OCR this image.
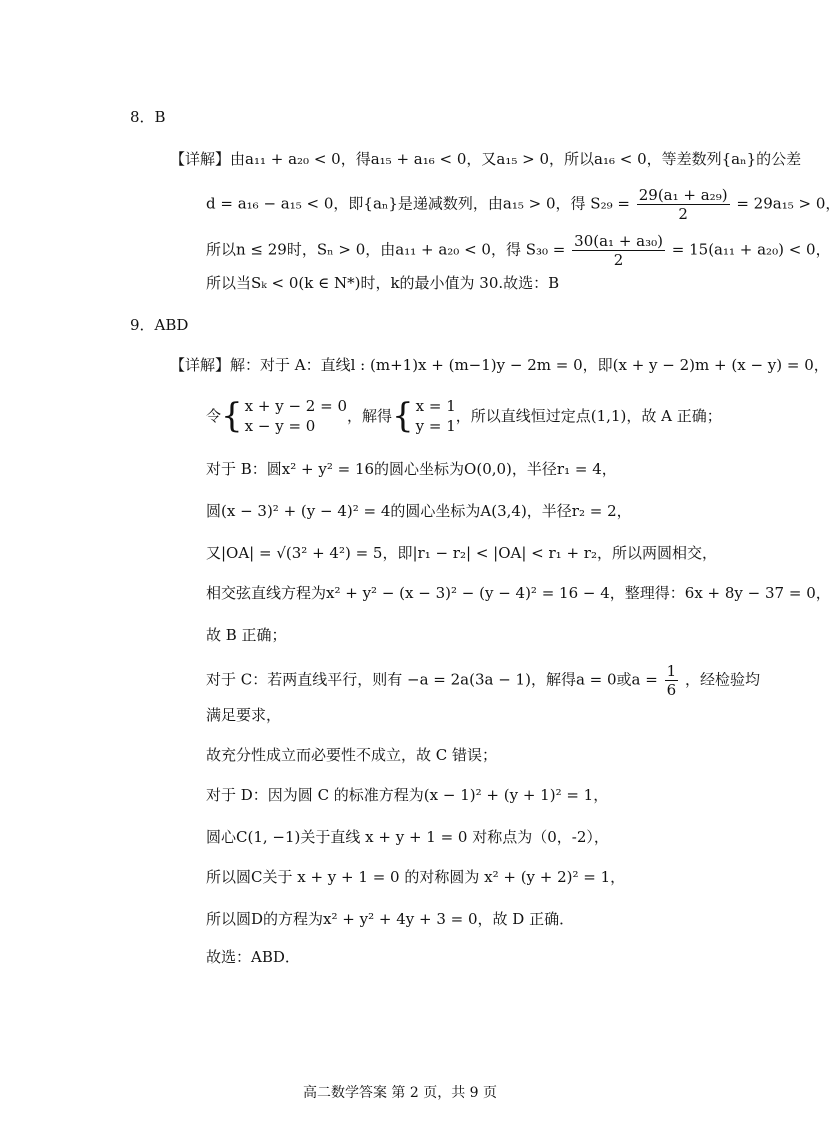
8．B
【详解】由a₁₁ + a₂₀ < 0，得a₁₅ + a₁₆ < 0，又a₁₅ > 0，所以a₁₆ < 0，等差数列{aₙ}的公差
d = a₁₆ − a₁₅ < 0，即{aₙ}是递减数列，由a₁₅ > 0，得 $S_{29} = \frac{\text{29(a₁ + a₂₉)}}{2} = 29a_{15} > 0$，
所以n ≤ 29时，Sₙ > 0，由a₁₁ + a₂₀ < 0，得 $S_{30} = \frac{\text{30(a₁ + a₃₀)}}{2} = 15(a_{11} + a_{20}) < 0$，
所以当Sₖ < 0(k ∈ N*)时，k的最小值为 30.故选：B
9．ABD
【详解】解：对于 A：直线l : (m+1)x + (m−1)y − 2m = 0，即(x + y − 2)m + (x − y) = 0，
令{ x + y − 2 = 0
x − y = 0
，解得{ x = 1
y = 1
，所以直线恒过定点(1,1)，故 A 正确；
对于 B：圆x² + y² = 16的圆心坐标为O(0,0)，半径r₁ = 4，
圆(x − 3)² + (y − 4)² = 4的圆心坐标为A(3,4)，半径r₂ = 2，
又|OA| = √(3² + 4²) = 5，即|r₁ − r₂| < |OA| < r₁ + r₂，所以两圆相交，
相交弦直线方程为x² + y² − (x − 3)² − (y − 4)² = 16 − 4，整理得：6x + 8y − 37 = 0，
故 B 正确；
对于 C：若两直线平行，则有 −a = 2a(3a − 1)，解得a = 0或$a = \frac{1}{6}$ ，经检验均
满足要求，
故充分性成立而必要性不成立，故 C 错误；
对于 D：因为圆 C 的标准方程为(x − 1)² + (y + 1)² = 1，
圆心C(1, −1)关于直线 x + y + 1 = 0 对称点为（0，-2），
所以圆C关于 x + y + 1 = 0 的对称圆为 x² + (y + 2)² = 1，
所以圆D的方程为x² + y² + 4y + 3 = 0，故 D 正确．
故选：ABD．
高二数学答案 第 2 页，共 9 页
